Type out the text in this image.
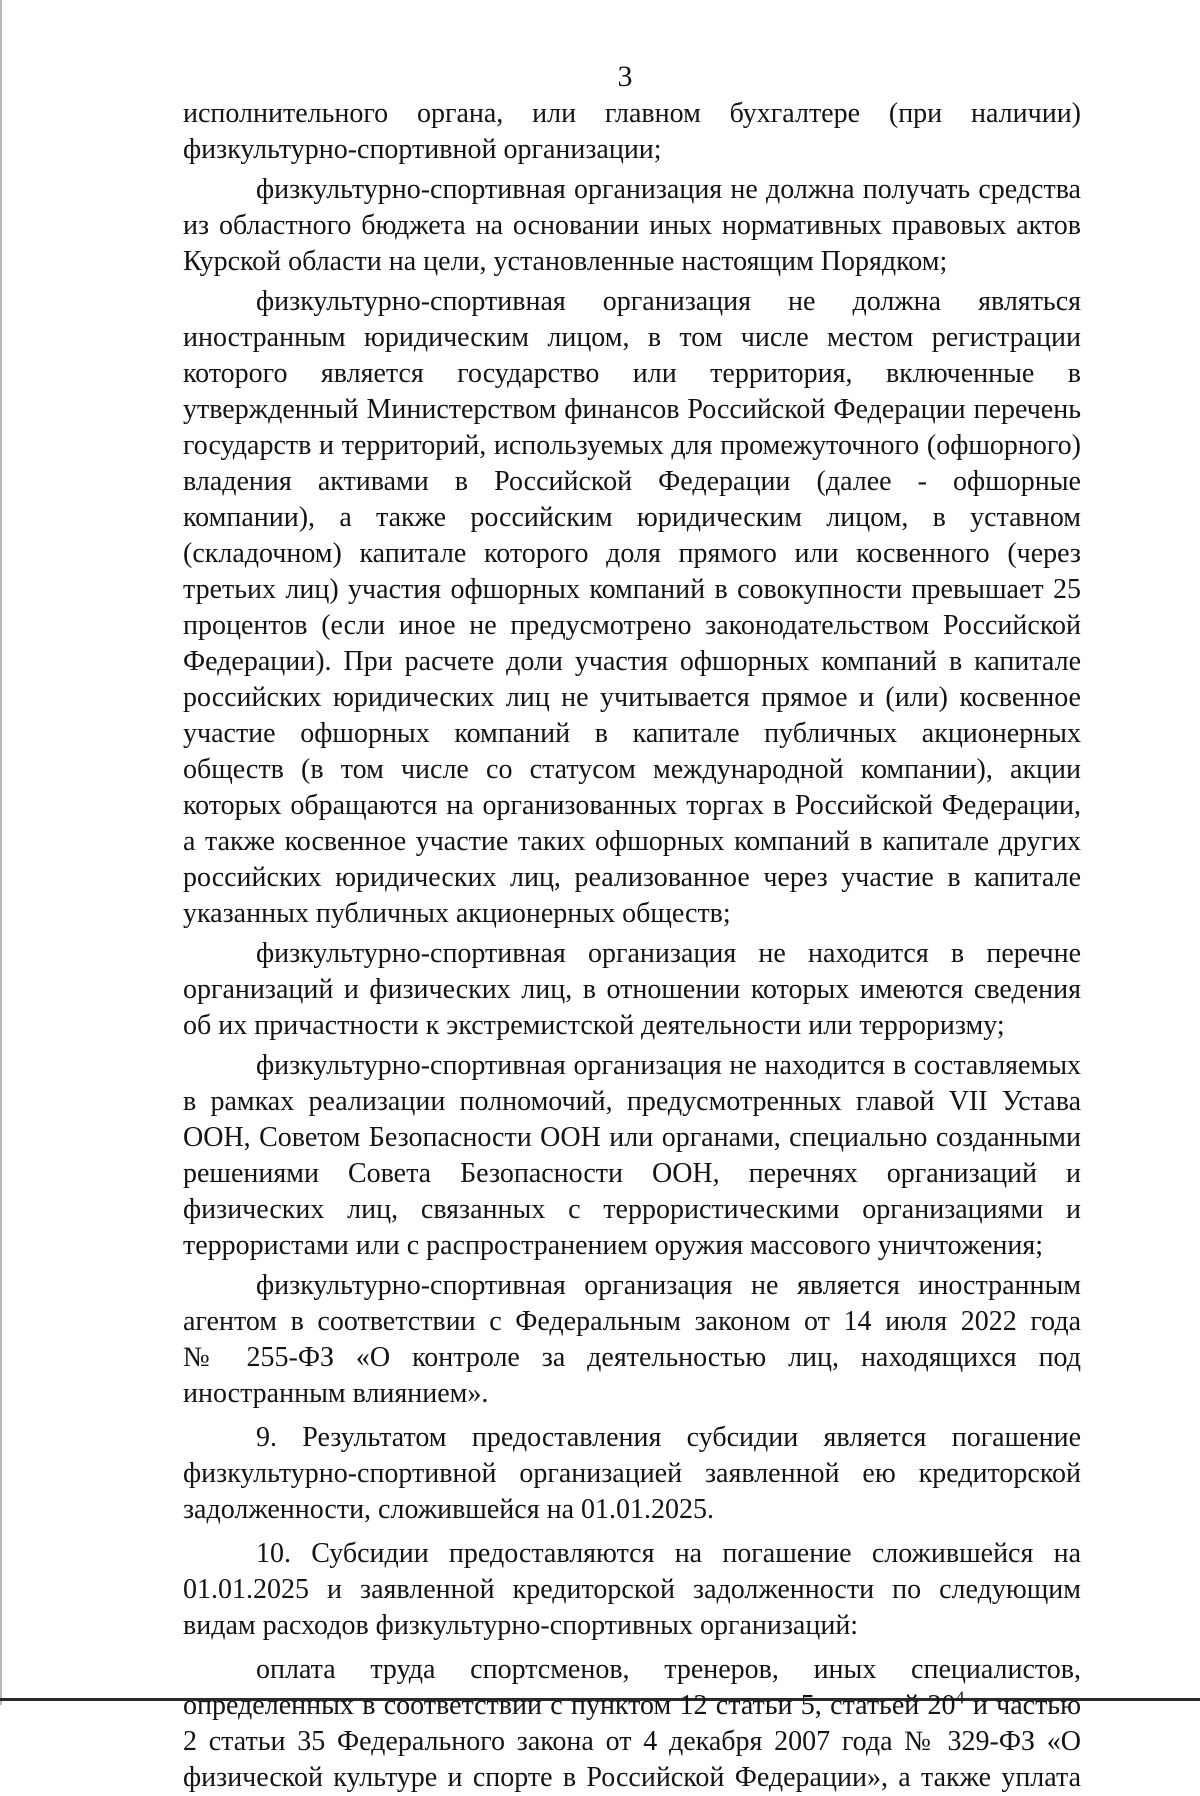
3

исполнительного органа, или главном бухгалтере (при наличии)
физкультурно-спортивной организации;

физкультурно-спортивная организация не должна получать средства
из областного бюджета на основании иных нормативных правовых актов
Курской области на цели, установленные настоящим Порядком;

физкультурно-спортивная организация не должна являться
иностранным юридическим лицом, в том числе местом регистрации
которого является государство или территория, включенные в
утвержденный Министерством финансов Российской Федерации перечень
государств и территорий, используемых для промежуточного (офшорного)
владения активами в Российской Федерации (далее - офшорные
компании), а также российским юридическим лицом, в уставном
(складочном) капитале которого доля прямого или косвенного (через
третьих лиц) участия офшорных компаний в совокупности превышает 25
процентов (если иное не предусмотрено законодательством Российской
Федерации). При расчете доли участия офшорных компаний в капитале
российских юридических лиц не учитывается прямое и (или) косвенное
участие офшорных компаний в капитале публичных акционерных
обществ (в том числе со статусом международной компании), акции
которых обращаются на организованных торгах в Российской Федерации,
а также косвенное участие таких офшорных компаний в капитале других
российских юридических лиц, реализованное через участие в капитале
указанных публичных акционерных обществ;

физкультурно-спортивная организация не находится в перечне
организаций и физических лиц, в отношении которых имеются сведения
об их причастности к экстремистской деятельности или терроризму;

физкультурно-спортивная организация не находится в составляемых
в рамках реализации полномочий, предусмотренных главой VII Устава
ООН, Советом Безопасности ООН или органами, специально созданными
решениями Совета Безопасности ООН, перечнях организаций и
физических лиц, связанных с террористическими организациями и
террористами или с распространением оружия массового уничтожения;

физкультурно-спортивная организация не является иностранным
агентом в соответствии с Федеральным законом от 14 июля 2022 года
№ 255-ФЗ «О контроле за деятельностью лиц, находящихся под
иностранным влиянием».

9. Результатом предоставления субсидии является погашение
физкультурно-спортивной организацией заявленной ею кредиторской
задолженности, сложившейся на 01.01.2025.

10. Субсидии предоставляются на погашение сложившейся на
01.01.2025 и заявленной кредиторской задолженности по следующим
видам расходов физкультурно-спортивных организаций:

оплата труда спортсменов, тренеров, иных специалистов,
определенных в соответствии с пунктом 12 статьи 5, статьей $20^4$ и частью
2 статьи 35 Федерального закона от 4 декабря 2007 года № 329-ФЗ «О
физической культуре и спорте в Российской Федерации», а также уплата
